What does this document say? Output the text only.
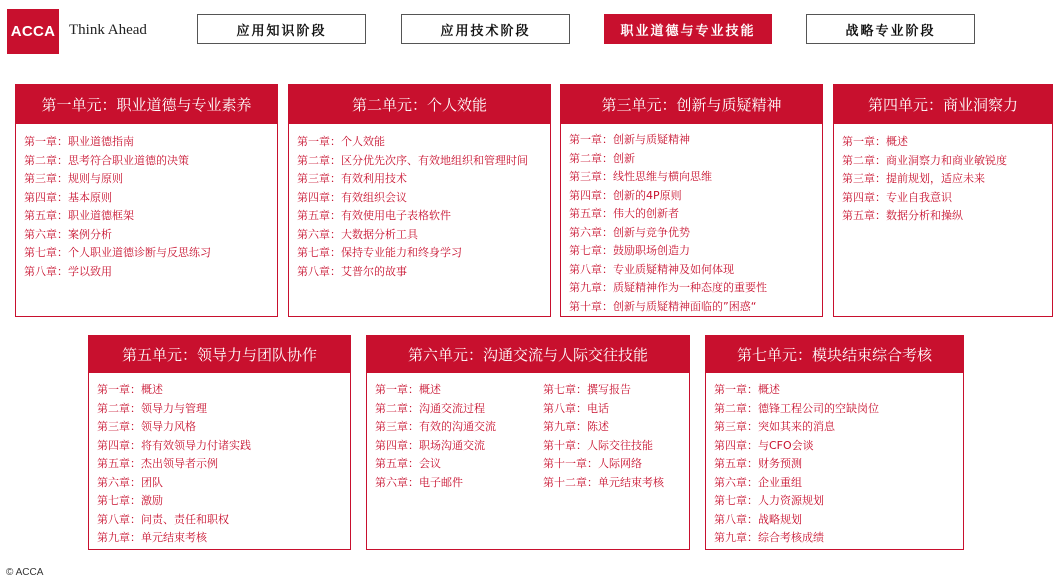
ACCA Think Ahead	应用知识阶段	应用技术阶段	职业道德与专业技能	战略专业阶段
第一单元：职业道德与专业素养
第一章： 职业道德指南
第二章： 思考符合职业道德的决策
第三章： 规则与原则
第四章： 基本原则
第五章： 职业道德框架
第六章： 案例分析
第七章： 个人职业道德诊断与反思练习
第八章： 学以致用
第二单元：个人效能
第一章： 个人效能
第二章： 区分优先次序、有效地组织和管理时间
第三章： 有效利用技术
第四章： 有效组织会议
第五章： 有效使用电子表格软件
第六章： 大数据分析工具
第七章： 保持专业能力和终身学习
第八章： 艾普尔的故事
第三单元：创新与质疑精神
第一章： 创新与质疑精神
第二章： 创新
第三章： 线性思维与横向思维
第四章： 创新的4P原则
第五章： 伟大的创新者
第六章： 创新与竞争优势
第七章： 鼓励职场创造力
第八章： 专业质疑精神及如何体现
第九章： 质疑精神作为一种态度的重要性
第十章： 创新与质疑精神面临的”困惑“
第四单元：商业洞察力
第一章： 概述
第二章： 商业洞察力和商业敏锐度
第三章： 提前规划，适应未来
第四章： 专业自我意识
第五章： 数据分析和操纵
第五单元：领导力与团队协作
第一章： 概述
第二章： 领导力与管理
第三章： 领导力风格
第四章： 将有效领导力付诸实践
第五章： 杰出领导者示例
第六章： 团队
第七章： 激励
第八章： 问责、责任和职权
第九章： 单元结束考核
第六单元：沟通交流与人际交往技能
第一章： 概述
第二章： 沟通交流过程
第三章： 有效的沟通交流
第四章： 职场沟通交流
第五章： 会议
第六章： 电子邮件
第七章： 撰写报告
第八章： 电话
第九章： 陈述
第十章： 人际交往技能
第十一章： 人际网络
第十二章： 单元结束考核
第七单元：模块结束综合考核
第一章： 概述
第二章： 德锋工程公司的空缺岗位
第三章： 突如其来的消息
第四章： 与CFO会谈
第五章： 财务预测
第六章： 企业重组
第七章： 人力资源规划
第八章： 战略规划
第九章： 综合考核成绩
© ACCA
